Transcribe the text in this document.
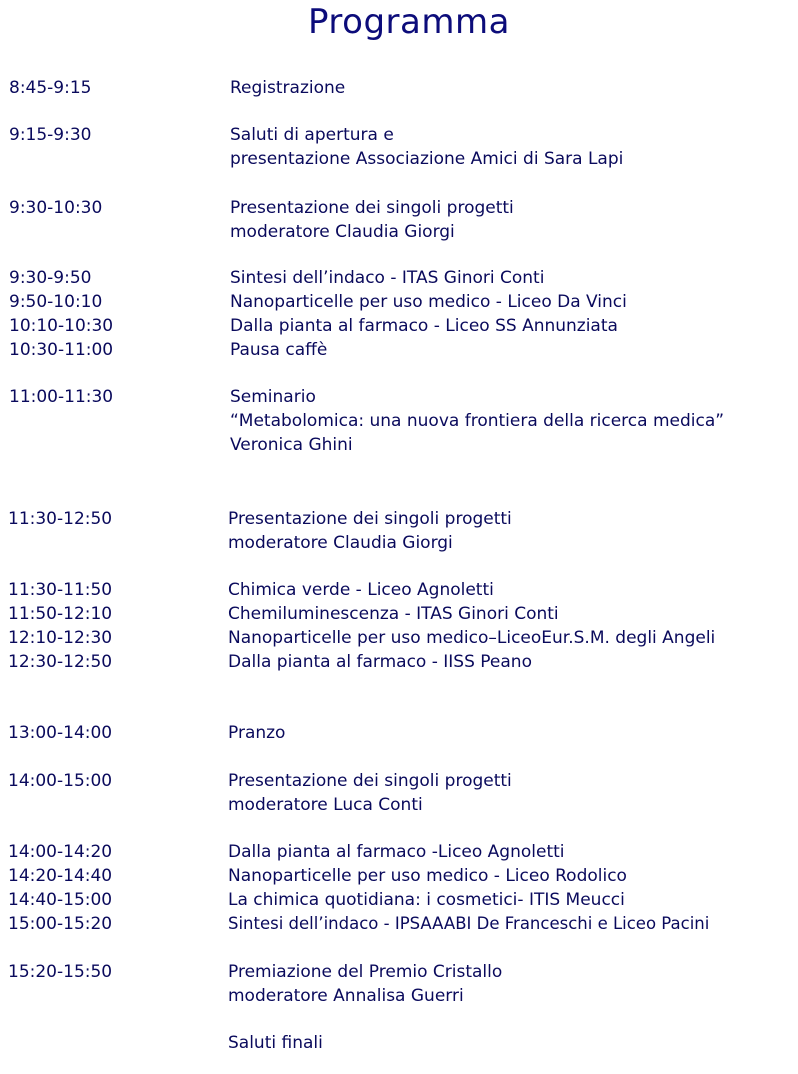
Programma
8:45-9:15	Registrazione
9:15-9:30	Saluti di apertura e
presentazione Associazione Amici di Sara Lapi
9:30-10:30	Presentazione dei singoli progetti
moderatore Claudia Giorgi
9:30-9:50	Sintesi dell’indaco - ITAS Ginori Conti
9:50-10:10	Nanoparticelle per uso medico - Liceo Da Vinci
10:10-10:30	Dalla pianta al farmaco - Liceo SS Annunziata
10:30-11:00	Pausa caffè
11:00-11:30	Seminario
“Metabolomica: una nuova frontiera della ricerca medica”
Veronica Ghini
11:30-12:50	Presentazione dei singoli progetti
moderatore Claudia Giorgi
11:30-11:50	Chimica verde - Liceo Agnoletti
11:50-12:10	Chemiluminescenza - ITAS Ginori Conti
12:10-12:30	Nanoparticelle per uso medico–LiceoEur.S.M. degli Angeli
12:30-12:50	Dalla pianta al farmaco - IISS Peano
13:00-14:00	Pranzo
14:00-15:00	Presentazione dei singoli progetti
moderatore Luca Conti
14:00-14:20	Dalla pianta al farmaco -Liceo Agnoletti
14:20-14:40	Nanoparticelle per uso medico - Liceo Rodolico
14:40-15:00	La chimica quotidiana: i cosmetici- ITIS Meucci
15:00-15:20	Sintesi dell’indaco - IPSAAABI De Franceschi e Liceo Pacini
15:20-15:50	Premiazione del Premio Cristallo
moderatore Annalisa Guerri
Saluti finali
